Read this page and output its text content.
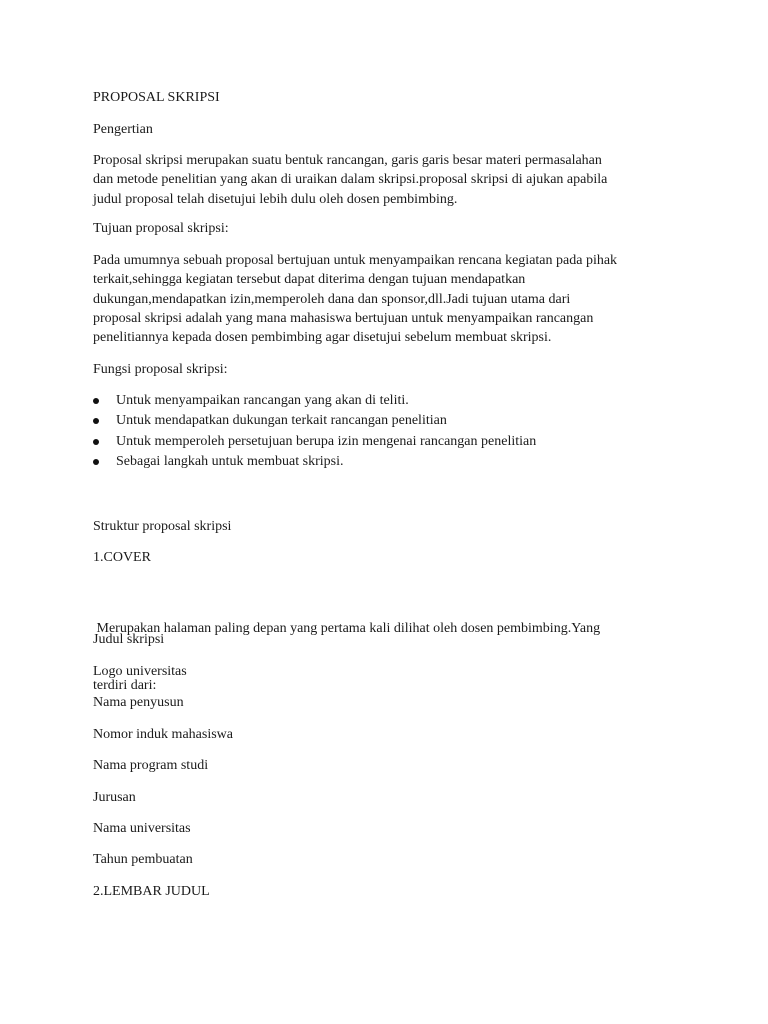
PROPOSAL SKRIPSI
Pengertian
Proposal skripsi merupakan suatu bentuk rancangan, garis garis besar materi permasalahan
dan metode penelitian yang akan di uraikan dalam skripsi.proposal skripsi di ajukan apabila
judul proposal telah disetujui lebih dulu oleh dosen pembimbing.
Tujuan proposal skripsi:
Pada umumnya sebuah proposal bertujuan untuk menyampaikan rencana kegiatan pada pihak
terkait,sehingga kegiatan tersebut dapat diterima dengan tujuan mendapatkan
dukungan,mendapatkan izin,memperoleh dana dan sponsor,dll.Jadi tujuan utama dari
proposal skripsi adalah yang mana mahasiswa bertujuan untuk menyampaikan rancangan
penelitiannya kepada dosen pembimbing agar disetujui sebelum membuat skripsi.
Fungsi proposal skripsi:
Untuk menyampaikan rancangan yang akan di teliti.
Untuk mendapatkan dukungan terkait rancangan penelitian
Untuk memperoleh persetujuan berupa izin mengenai rancangan penelitian
Sebagai langkah untuk membuat skripsi.
Struktur proposal skripsi
1.COVER

Merupakan halaman paling depan yang pertama kali dilihat oleh dosen pembimbing.Yang

terdiri dari:

Judul skripsi
Logo universitas
Nama penyusun
Nomor induk mahasiswa
Nama program studi
Jurusan
Nama universitas
Tahun pembuatan
2.LEMBAR JUDUL
